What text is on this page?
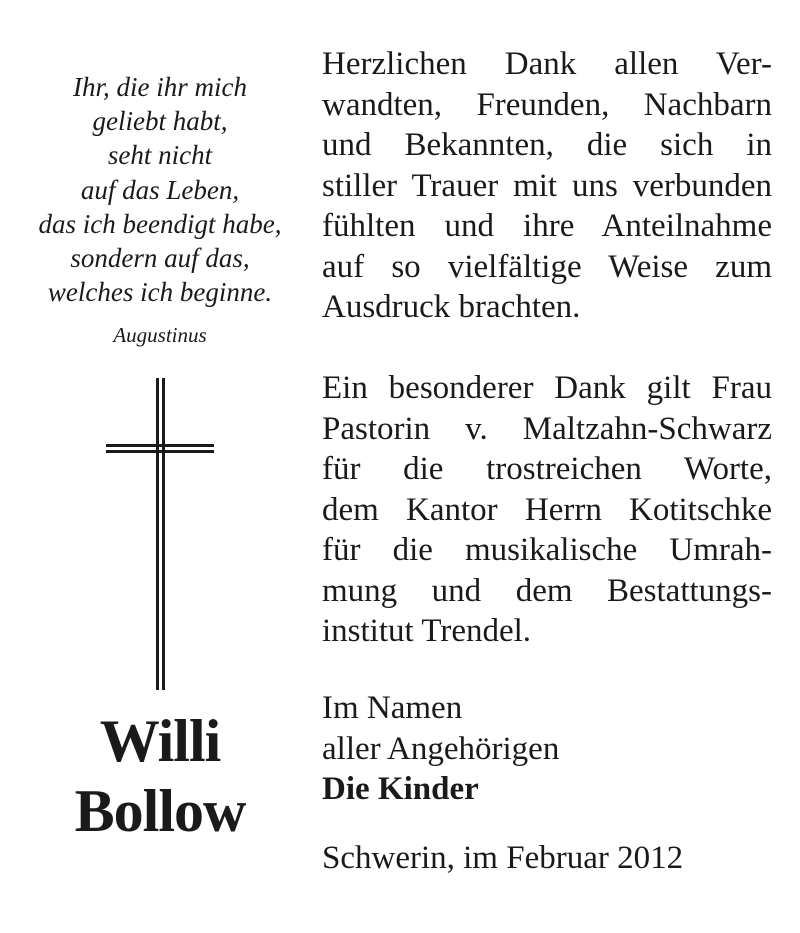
Ihr, die ihr mich
geliebt habt,
seht nicht
auf das Leben,
das ich beendigt habe,
sondern auf das,
welches ich beginne.
Augustinus
Willi
Bollow
Herzlichen Dank allen Ver-
wandten, Freunden, Nachbarn
und Bekannten, die sich in
stiller Trauer mit uns verbunden
fühlten und ihre Anteilnahme
auf so vielfältige Weise zum
Ausdruck brachten.
Ein besonderer Dank gilt Frau
Pastorin v. Maltzahn-Schwarz
für die trostreichen Worte,
dem Kantor Herrn Kotitschke
für die musikalische Umrah-
mung und dem Bestattungs-
institut Trendel.
Im Namen
aller Angehörigen
Die Kinder
Schwerin, im Februar 2012
